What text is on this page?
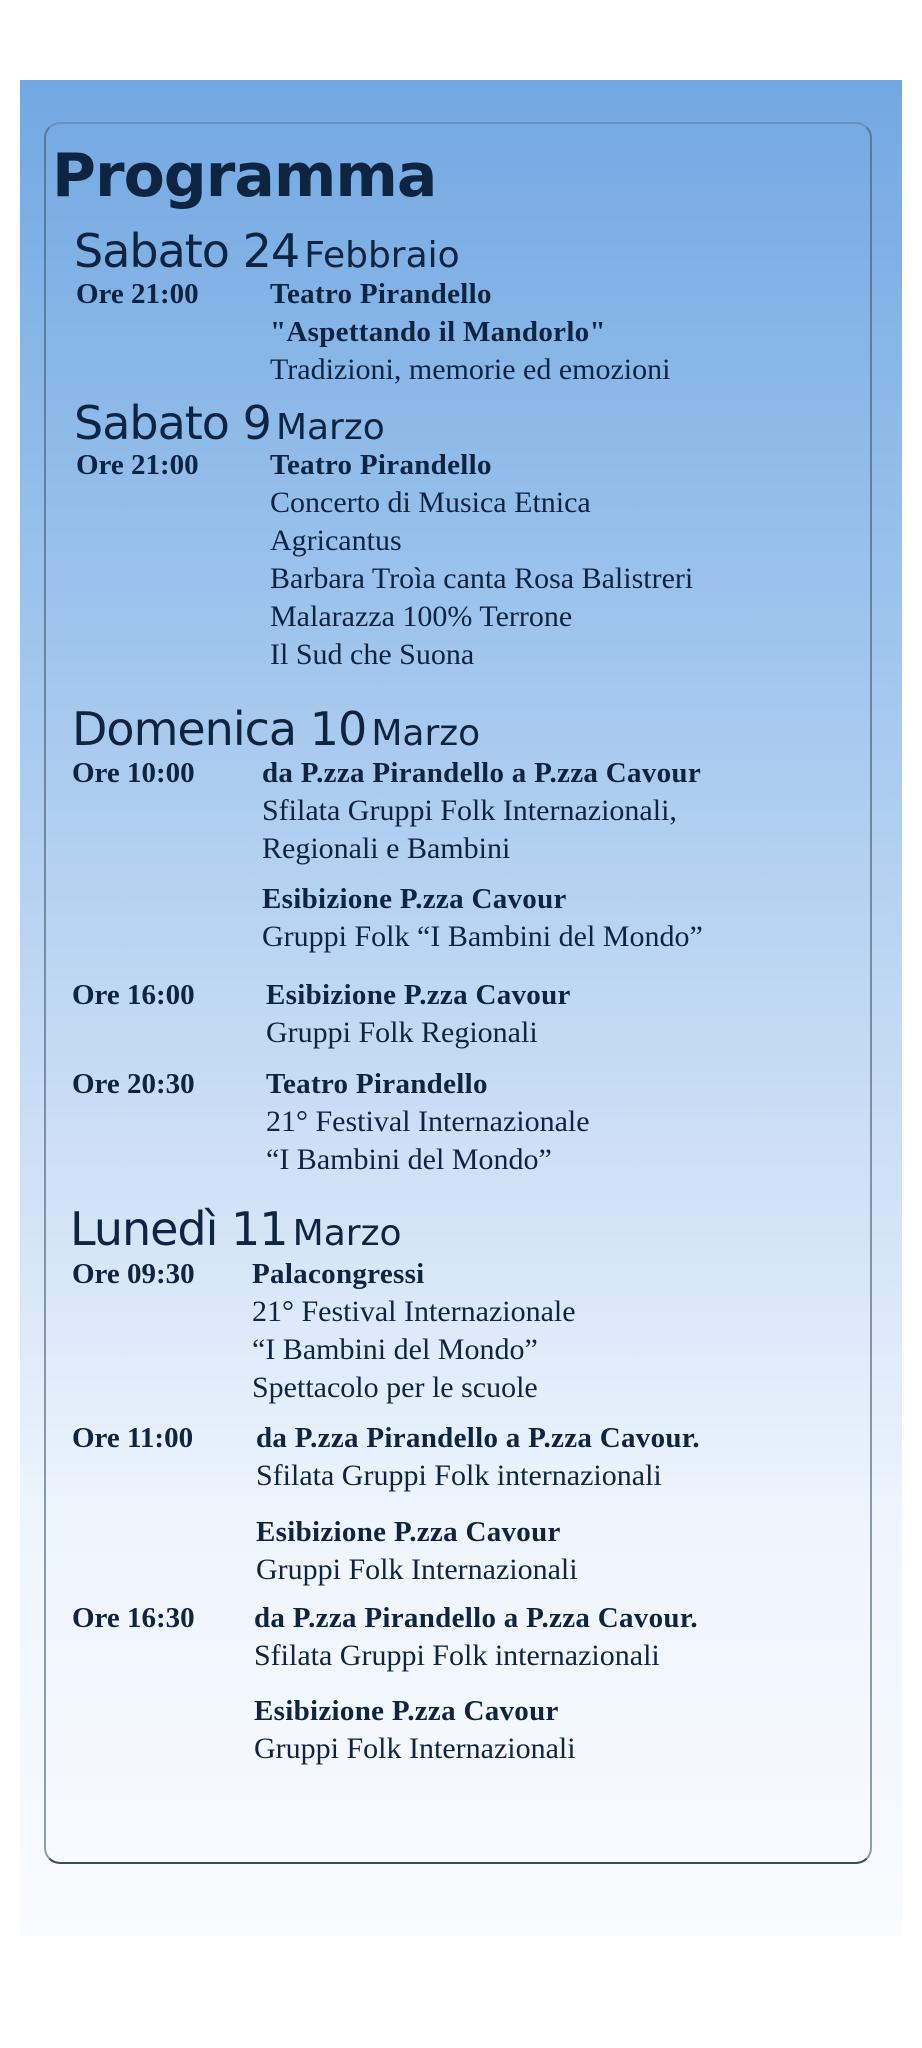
Programma
Sabato 24 Febbraio
Ore 21:00 Teatro Pirandello
"Aspettando il Mandorlo"
Tradizioni, memorie ed emozioni
Sabato 9 Marzo
Ore 21:00 Teatro Pirandello
Concerto di Musica Etnica
Agricantus
Barbara Troìa canta Rosa Balistreri
Malarazza 100% Terrone
Il Sud che Suona
Domenica 10 Marzo
Ore 10:00 da P.zza Pirandello a P.zza Cavour
Sfilata Gruppi Folk Internazionali,
Regionali e Bambini
Esibizione P.zza Cavour
Gruppi Folk “I Bambini del Mondo”
Ore 16:00 Esibizione P.zza Cavour
Gruppi Folk Regionali
Ore 20:30 Teatro Pirandello
21° Festival Internazionale
“I Bambini del Mondo”
Lunedì 11 Marzo
Ore 09:30 Palacongressi
21° Festival Internazionale
“I Bambini del Mondo”
Spettacolo per le scuole
Ore 11:00 da P.zza Pirandello a P.zza Cavour.
Sfilata Gruppi Folk internazionali
Esibizione P.zza Cavour
Gruppi Folk Internazionali
Ore 16:30 da P.zza Pirandello a P.zza Cavour.
Sfilata Gruppi Folk internazionali
Esibizione P.zza Cavour
Gruppi Folk Internazionali
